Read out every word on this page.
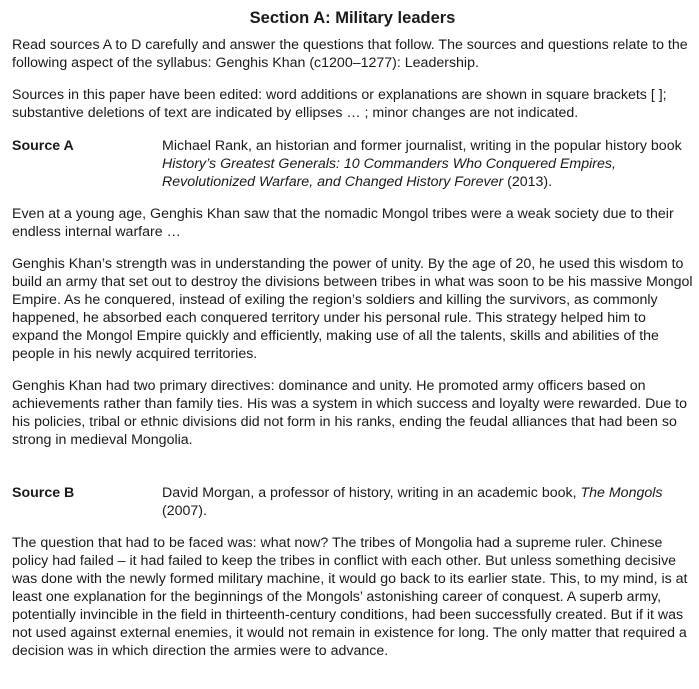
Section A: Military leaders

Read sources A to D carefully and answer the questions that follow. The sources and questions relate to the following aspect of the syllabus: Genghis Khan (c1200–1277): Leadership.

Sources in this paper have been edited: word additions or explanations are shown in square brackets [ ]; substantive deletions of text are indicated by ellipses … ; minor changes are not indicated.

Source A	Michael Rank, an historian and former journalist, writing in the popular history book History’s Greatest Generals: 10 Commanders Who Conquered Empires, Revolutionized Warfare, and Changed History Forever (2013).

Even at a young age, Genghis Khan saw that the nomadic Mongol tribes were a weak society due to their endless internal warfare …

Genghis Khan’s strength was in understanding the power of unity. By the age of 20, he used this wisdom to build an army that set out to destroy the divisions between tribes in what was soon to be his massive Mongol Empire. As he conquered, instead of exiling the region’s soldiers and killing the survivors, as commonly happened, he absorbed each conquered territory under his personal rule. This strategy helped him to expand the Mongol Empire quickly and efficiently, making use of all the talents, skills and abilities of the people in his newly acquired territories.

Genghis Khan had two primary directives: dominance and unity. He promoted army officers based on achievements rather than family ties. His was a system in which success and loyalty were rewarded. Due to his policies, tribal or ethnic divisions did not form in his ranks, ending the feudal alliances that had been so strong in medieval Mongolia.

Source B	David Morgan, a professor of history, writing in an academic book, The Mongols (2007).

The question that had to be faced was: what now? The tribes of Mongolia had a supreme ruler. Chinese policy had failed – it had failed to keep the tribes in conflict with each other. But unless something decisive was done with the newly formed military machine, it would go back to its earlier state. This, to my mind, is at least one explanation for the beginnings of the Mongols’ astonishing career of conquest. A superb army, potentially invincible in the field in thirteenth-century conditions, had been successfully created. But if it was not used against external enemies, it would not remain in existence for long. The only matter that required a decision was in which direction the armies were to advance.
